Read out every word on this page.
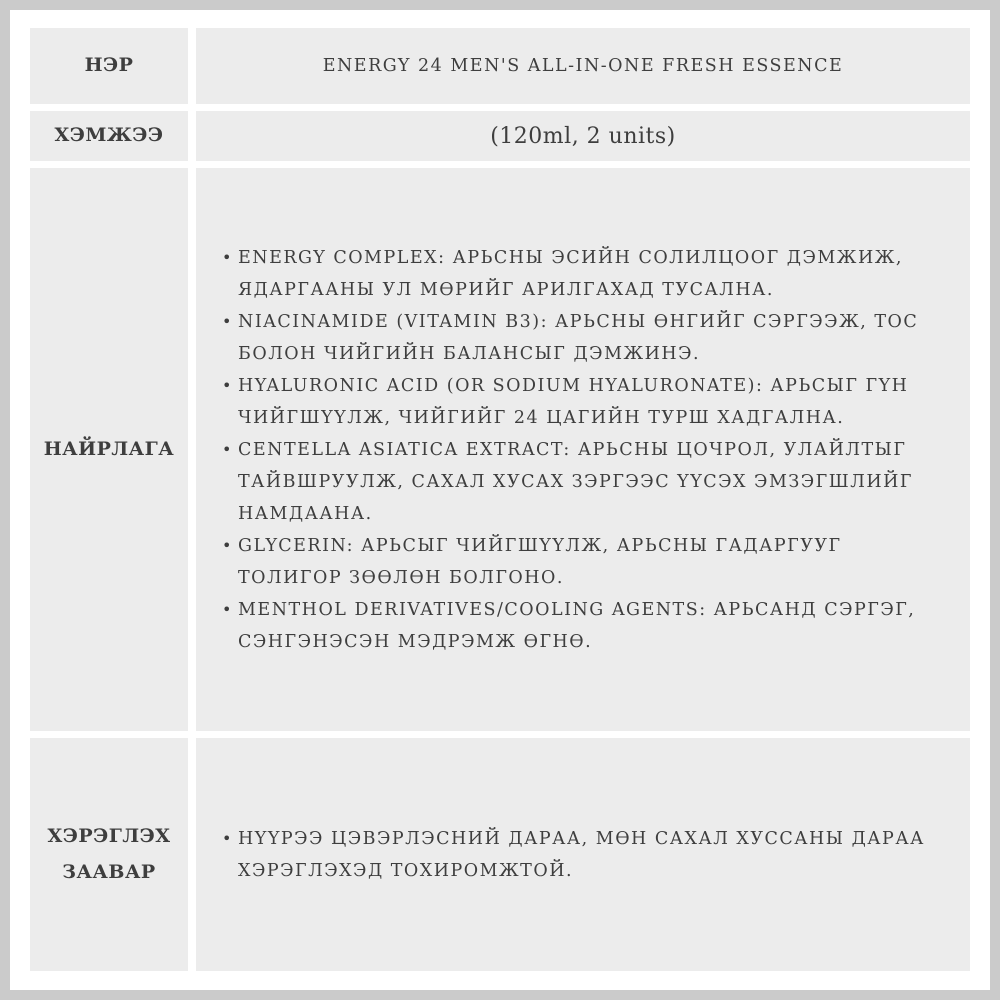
НЭР	ENERGY 24 MEN'S ALL-IN-ONE FRESH ESSENCE
ХЭМЖЭЭ	(120ml, 2 units)
НАЙРЛАГА
• ENERGY COMPLEX: АРЬСНЫ ЭСИЙН СОЛИЛЦООГ ДЭМЖИЖ, ЯДАРГААНЫ УЛ МӨРИЙГ АРИЛГАХАД ТУСАЛНА.
• NIACINAMIDE (VITAMIN B3): АРЬСНЫ ӨНГИЙГ СЭРГЭЭЖ, ТОС БОЛОН ЧИЙГИЙН БАЛАНСЫГ ДЭМЖИНЭ.
• HYALURONIC ACID (OR SODIUM HYALURONATE): АРЬСЫГ ГҮН ЧИЙГШҮҮЛЖ, ЧИЙГИЙГ 24 ЦАГИЙН ТУРШ ХАДГАЛНА.
• CENTELLA ASIATICA EXTRACT: АРЬСНЫ ЦОЧРОЛ, УЛАЙЛТЫГ ТАЙВШРУУЛЖ, САХАЛ ХУСАХ ЗЭРГЭЭС ҮҮСЭХ ЭМЗЭГШЛИЙГ НАМДААНА.
• GLYCERIN: АРЬСЫГ ЧИЙГШҮҮЛЖ, АРЬСНЫ ГАДАРГУУГ ТОЛИГОР ЗӨӨЛӨН БОЛГОНО.
• MENTHOL DERIVATIVES/COOLING AGENTS: АРЬСАНД СЭРГЭГ, СЭНГЭНЭСЭН МЭДРЭМЖ ӨГНӨ.
ХЭРЭГЛЭХ ЗААВАР
• НҮҮРЭЭ ЦЭВЭРЛЭСНИЙ ДАРАА, МӨН САХАЛ ХУССАНЫ ДАРАА ХЭРЭГЛЭХЭД ТОХИРОМЖТОЙ.
